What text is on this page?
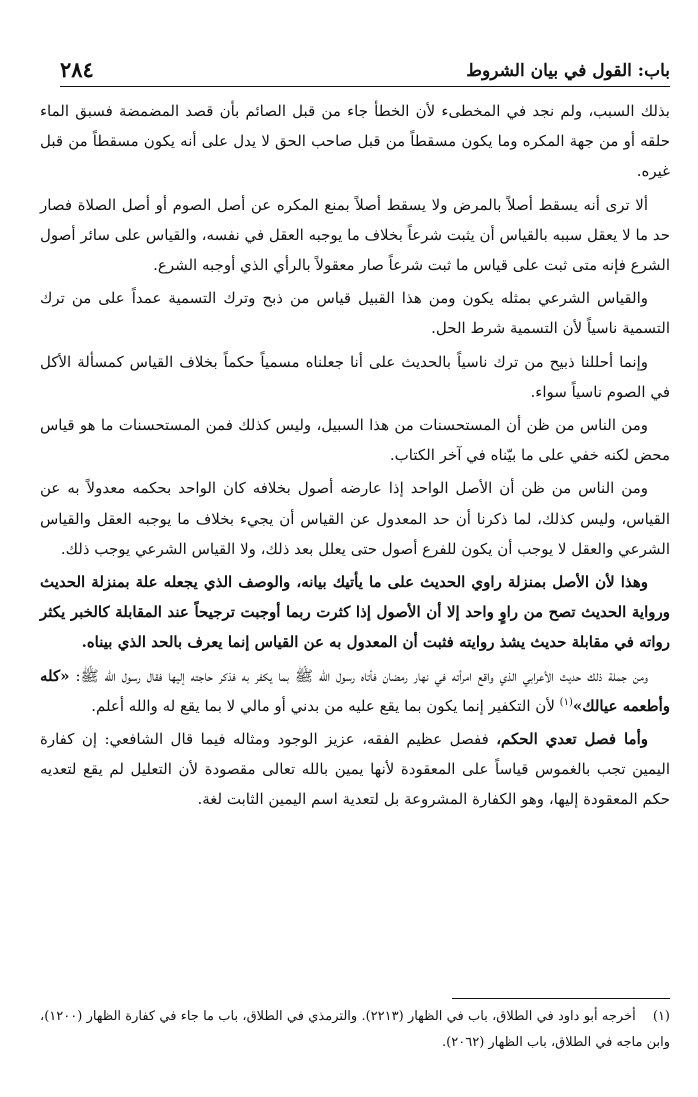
باب: القول في بيان الشروط
٢٨٤

بذلك السبب، ولم نجد في المخطىء لأن الخطأ جاء من قبل الصائم بأن قصد المضمضة فسبق الماء حلقه أو من جهة المكره وما يكون مسقطاً من قبل صاحب الحق لا يدل على أنه يكون مسقطاً من قبل غيره.

ألا ترى أنه يسقط أصلاً بالمرض ولا يسقط أصلاً بمنع المكره عن أصل الصوم أو أصل الصلاة فصار حد ما لا يعقل سببه بالقياس أن يثبت شرعاً بخلاف ما يوجبه العقل في نفسه، والقياس على سائر أصول الشرع فإنه متى ثبت على قياس ما ثبت شرعاً صار معقولاً بالرأي الذي أوجبه الشرع.

والقياس الشرعي بمثله يكون ومن هذا القبيل قياس من ذبح وترك التسمية عمداً على من ترك التسمية ناسياً لأن التسمية شرط الحل.

وإنما أحللنا ذبيح من ترك ناسياً بالحديث على أنا جعلناه مسمياً حكماً بخلاف القياس كمسألة الأكل في الصوم ناسياً سواء.

ومن الناس من ظن أن المستحسنات من هذا السبيل، وليس كذلك فمن المستحسنات ما هو قياس محض لكنه خفي على ما بيّناه في آخر الكتاب.

ومن الناس من ظن أن الأصل الواحد إذا عارضه أصول بخلافه كان الواحد بحكمه معدولاً به عن القياس، وليس كذلك، لما ذكرنا أن حد المعدول عن القياس أن يجيء بخلاف ما يوجبه العقل والقياس الشرعي والعقل لا يوجب أن يكون للفرع أصول حتى يعلل بعد ذلك، ولا القياس الشرعي يوجب ذلك.

وهذا لأن الأصل بمنزلة راوي الحديث على ما يأتيك بيانه، والوصف الذي يجعله علة بمنزلة الحديث ورواية الحديث تصح من راوٍ واحد إلا أن الأصول إذا كثرت ربما أوجبت ترجيحاً عند المقابلة كالخبر يكثر رواته في مقابلة حديث يشذ روايته فثبت أن المعدول به عن القياس إنما يعرف بالحد الذي بيناه.

ومن جملة ذلك حديث الأعرابي الذي واقع امرأته في نهار رمضان فأتاه رسول الله ﷺ بما يكفر به فذكر حاجته إليها فقال رسول الله ﷺ: «كله وأطعمه عيالك»$^{(١)}$ لأن التكفير إنما يكون بما يقع عليه من بدني أو مالي لا بما يقع له والله أعلم.

وأما فصل تعدي الحكم، ففصل عظيم الفقه، عزيز الوجود ومثاله فيما قال الشافعي: إن كفارة اليمين تجب بالغموس قياساً على المعقودة لأنها يمين بالله تعالى مقصودة لأن التعليل لم يقع لتعديه حكم المعقودة إليها، وهو الكفارة المشروعة بل لتعدية اسم اليمين الثابت لغة.

(١)    أخرجه أبو داود في الطلاق، باب في الظهار (٢٢١٣). والترمذي في الطلاق، باب ما جاء في كفارة الظهار (١٢٠٠)، وابن ماجه في الطلاق، باب الظهار (٢٠٦٢).
